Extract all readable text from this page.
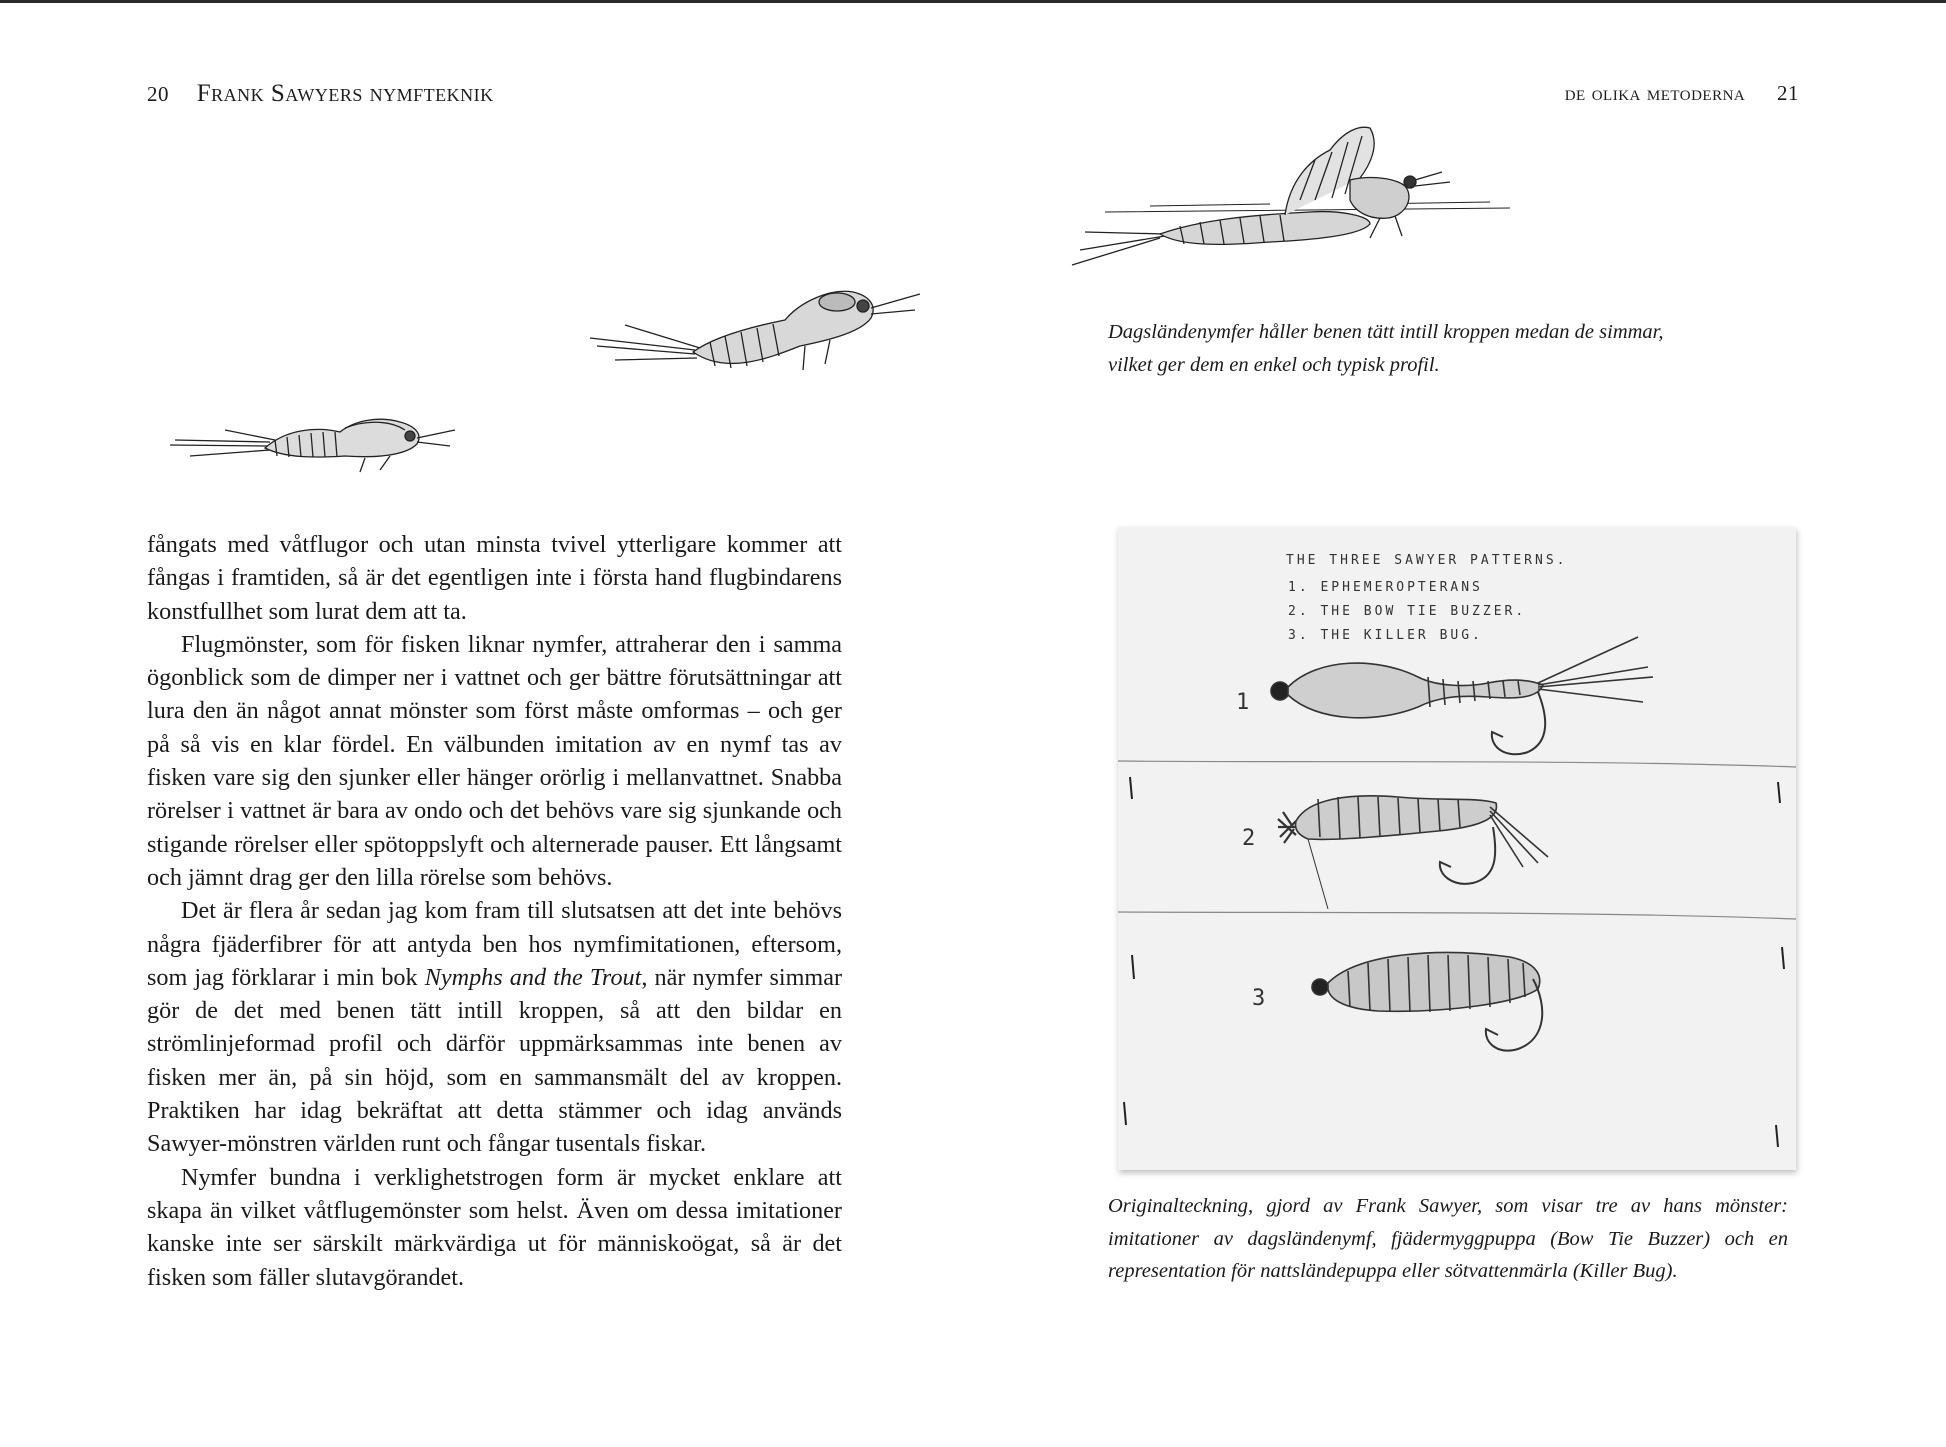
20 Frank Sawyers nymfteknik	de olika metoderna 21
Dagsländenymfer håller benen tätt intill kroppen medan de simmar, vilket ger dem en enkel och typisk profil.

fångats med våtflugor och utan minsta tvivel ytterligare kommer att fångas i framtiden, så är det egentligen inte i första hand flugbindarens konstfullhet som lurat dem att ta.

Flugmönster, som för fisken liknar nymfer, attraherar den i samma ögonblick som de dimper ner i vattnet och ger bättre förutsättningar att lura den än något annat mönster som först måste omformas – och ger på så vis en klar fördel. En välbunden imitation av en nymf tas av fisken vare sig den sjunker eller hänger orörlig i mellanvattnet. Snabba rörelser i vattnet är bara av ondo och det behövs vare sig sjunkande och stigande rörelser eller spötoppslyft och alternerade pauser. Ett långsamt och jämnt drag ger den lilla rörelse som behövs.

Det är flera år sedan jag kom fram till slutsatsen att det inte behövs några fjäderfibrer för att antyda ben hos nymfimitationen, eftersom, som jag förklarar i min bok Nymphs and the Trout, när nymfer simmar gör de det med benen tätt intill kroppen, så att den bildar en strömlinjeformad profil och därför uppmärksammas inte benen av fisken mer än, på sin höjd, som en sammansmält del av kroppen. Praktiken har idag bekräftat att detta stämmer och idag används Sawyer-mönstren världen runt och fångar tusentals fiskar.

Nymfer bundna i verklighetstrogen form är mycket enklare att skapa än vilket våtflugemönster som helst. Även om dessa imitationer kanske inte ser särskilt märkvärdiga ut för människoögat, så är det fisken som fäller slutavgörandet.

THE THREE SAWYER PATTERNS.
1. EPHEMEROPTERANS
2. THE BOW TIE BUZZER.
3. THE KILLER BUG.
1
2
3
Originalteckning, gjord av Frank Sawyer, som visar tre av hans mönster: imitationer av dagsländenymf, fjädermyggpuppa (Bow Tie Buzzer) och en representation för nattsländepuppa eller sötvattenmärla (Killer Bug).
